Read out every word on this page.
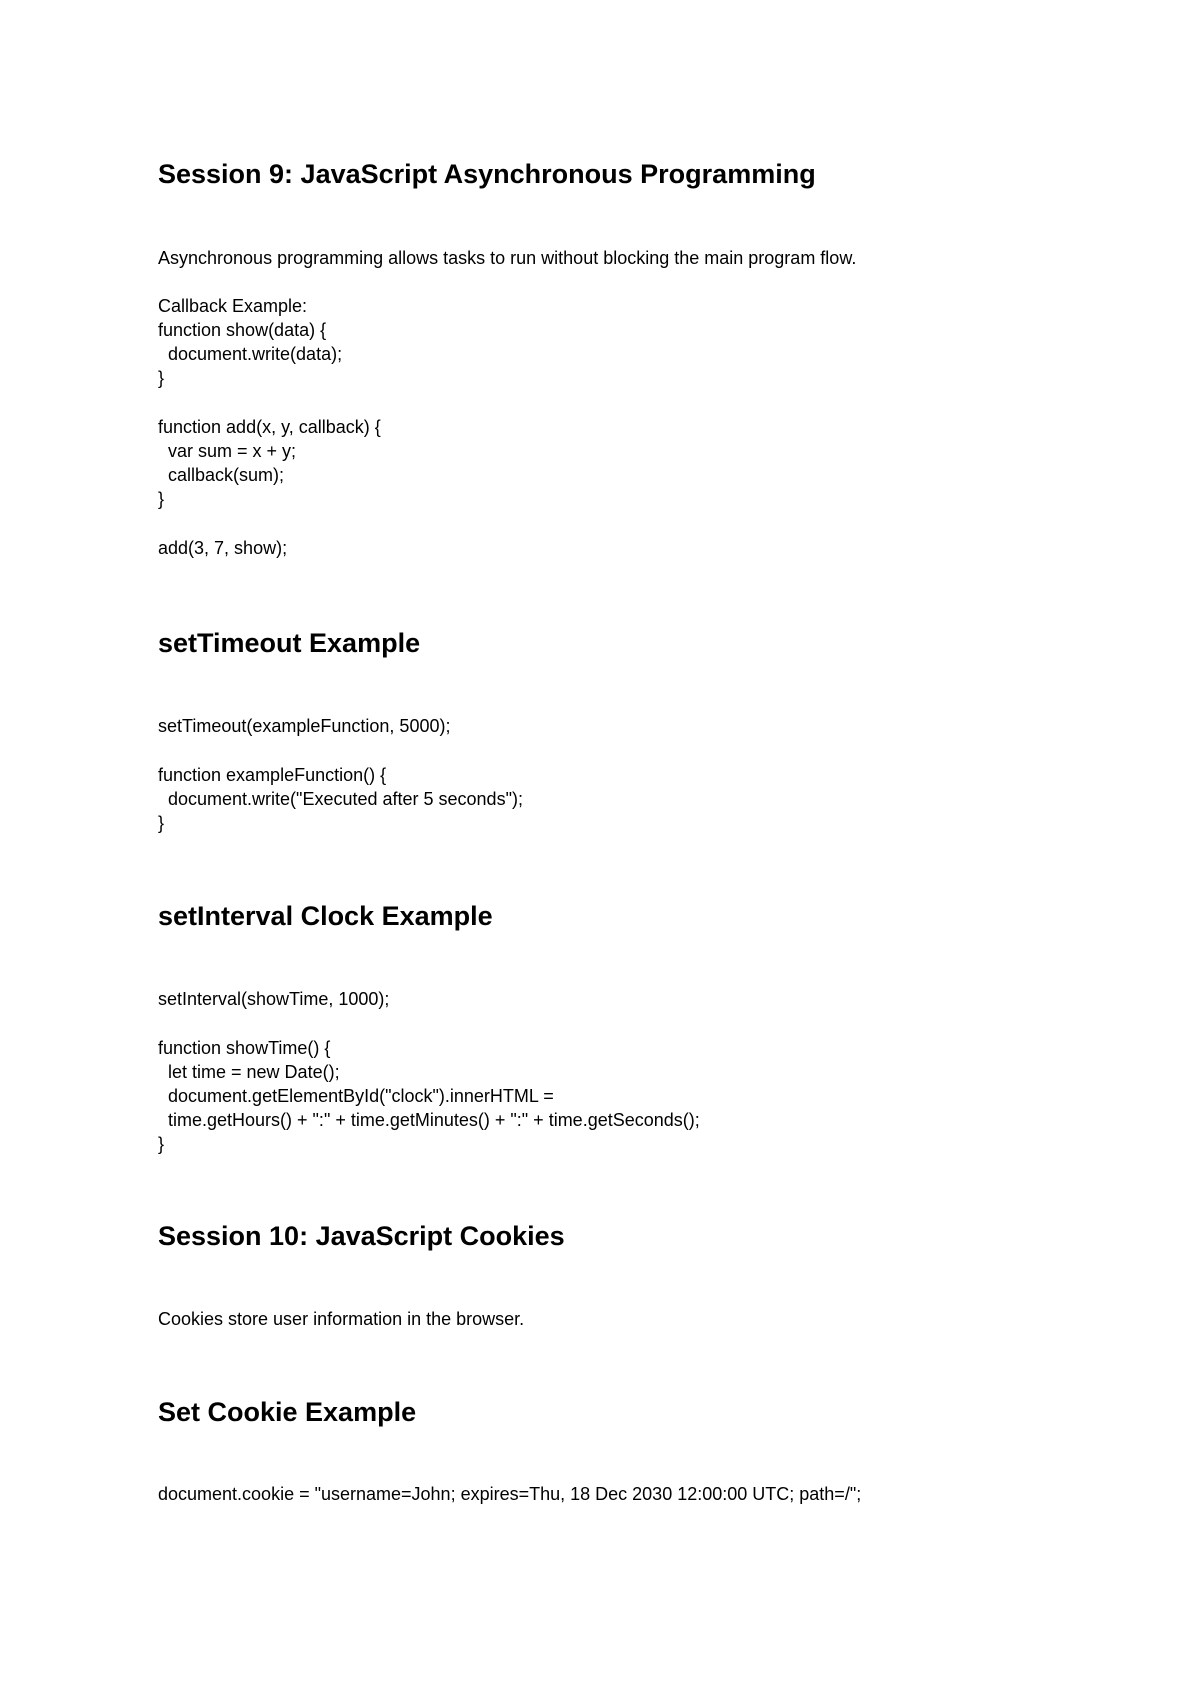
Session 9: JavaScript Asynchronous Programming

Asynchronous programming allows tasks to run without blocking the main program flow.

Callback Example:

function show(data) {

document.write(data);

}

function add(x, y, callback) {

var sum = x + y;

callback(sum);

}

add(3, 7, show);

setTimeout Example

setTimeout(exampleFunction, 5000);

function exampleFunction() {

document.write("Executed after 5 seconds");

}

setInterval Clock Example

setInterval(showTime, 1000);

function showTime() {

let time = new Date();

document.getElementById("clock").innerHTML =

time.getHours() + ":" + time.getMinutes() + ":" + time.getSeconds();

}

Session 10: JavaScript Cookies

Cookies store user information in the browser.

Set Cookie Example

document.cookie = "username=John; expires=Thu, 18 Dec 2030 12:00:00 UTC; path=/";
